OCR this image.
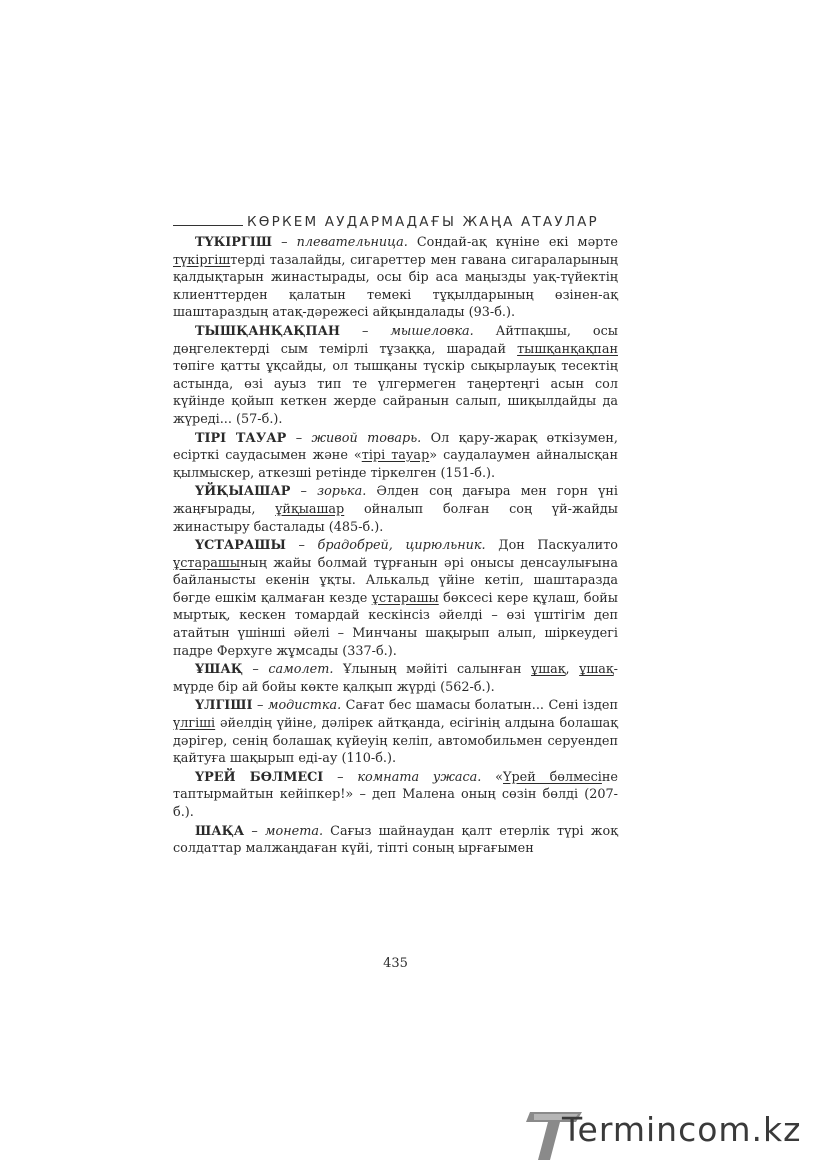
КӨРКЕМ АУДАРМАДАҒЫ ЖАҢА АТАУЛАР

ТҮКІРГІШ – плевательница. Сондай-ақ күніне екі мәрте түкіргіштерді тазалайды, сигареттер мен гавана сигараларының қалдықтарын жинастырады, осы бір аса маңызды уақ-түйектің клиенттерден қалатын темекі тұқылдарының өзінен-ақ шаштараздың атақ-дәрежесі айқындалады (93-б.).

ТЫШҚАНҚАҚПАН – мышеловка. Айтпақшы, осы дөңгелектерді сым темірлі тұзаққа, шарадай тышқанқақпан төпіге қатты ұқсайды, ол тышқаны түскір сықырлауық тесектің астында, өзі ауыз тип те үлгермеген таңертеңгі асын сол күйінде қойып кеткен жерде сайранын салып, шиқылдайды да жүреді... (57-б.).

ТІРІ ТАУАР – живой товарь. Ол қару-жарақ өткізумен, есірткі саудасымен және «тірі тауар» саудалаумен айналысқан қылмыскер, аткезші ретінде тіркелген (151-б.).

ҮЙҚЫАШАР – зорька. Әлден соң дағыра мен горн үні жаңғырады, ұйқыашар ойналып болған соң үй-жайды жинастыру басталады (485-б.).

ҮСТАРАШЫ – брадобрей, цирюльник. Дон Паскуалито ұстарашының жайы болмай тұрғанын әрі онысы денсаулығына байланысты екенін ұқты. Алькальд үйіне кетіп, шаштаразда бөгде ешкім қалмаған кезде ұстарашы бөксесі кере құлаш, бойы мыртық, кескен томардай кескінсіз әйелді – өзі үштігім деп атайтын үшінші әйелі – Минчаны шақырып алып, шіркеудегі падре Ферхуге жұмсады (337-б.).

ҰШАҚ – самолет. Ұлының мәйіті салынған ұшақ, ұшақ-мүрде бір ай бойы көкте қалқып жүрді (562-б.).

ҮЛГІШІ – модистка. Сағат бес шамасы болатын... Сені іздеп үлгіші әйелдің үйіне, дәлірек айтқанда, есігінің алдына болашақ дәрігер, сенің болашақ күйеуің келіп, автомобильмен серуендеп қайтуға шақырып еді-ау (110-б.).

ҮРЕЙ БӨЛМЕСІ – комната ужаса. «Үрей бөлмесіне таптырмайтын кейіпкер!» – деп Малена оның сөзін бөлді (207-б.).

ШАҚА – монета. Сағыз шайнаудан қалт етерлік түрі жоқ солдаттар малжаңдаған күйі, тіпті соның ырғағымен

435
Termincom.kz
